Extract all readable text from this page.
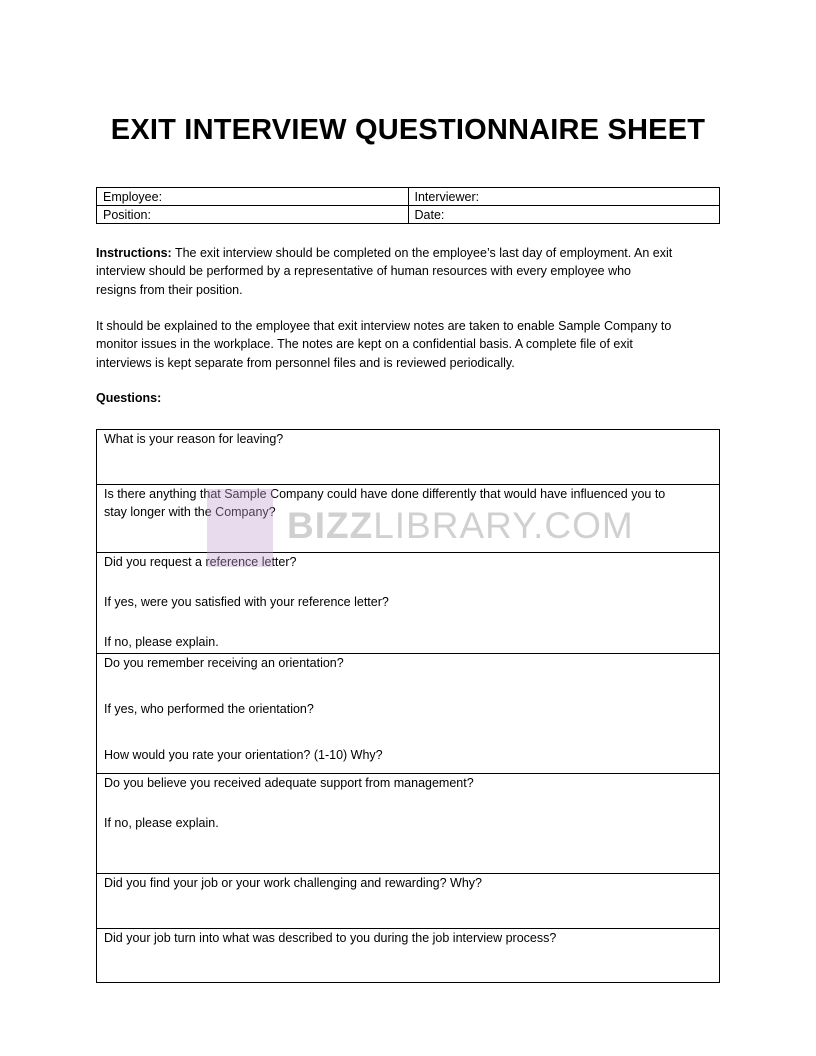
EXIT INTERVIEW QUESTIONNAIRE SHEET
Employee:	Interviewer:
Position:	Date:
Instructions: The exit interview should be completed on the employee’s last day of employment. An exit
interview should be performed by a representative of human resources with every employee who
resigns from their position.
It should be explained to the employee that exit interview notes are taken to enable Sample Company to
monitor issues in the workplace. The notes are kept on a confidential basis. A complete file of exit
interviews is kept separate from personnel files and is reviewed periodically.
Questions:
What is your reason for leaving?
Is there anything that Sample Company could have done differently that would have influenced you to
stay longer with the Company?
Did you request a reference letter?
If yes, were you satisfied with your reference letter?
If no, please explain.
Do you remember receiving an orientation?
If yes, who performed the orientation?
How would you rate your orientation? (1-10) Why?
Do you believe you received adequate support from management?
If no, please explain.
Did you find your job or your work challenging and rewarding? Why?
Did your job turn into what was described to you during the job interview process?
BIZZLIBRARY.COM
